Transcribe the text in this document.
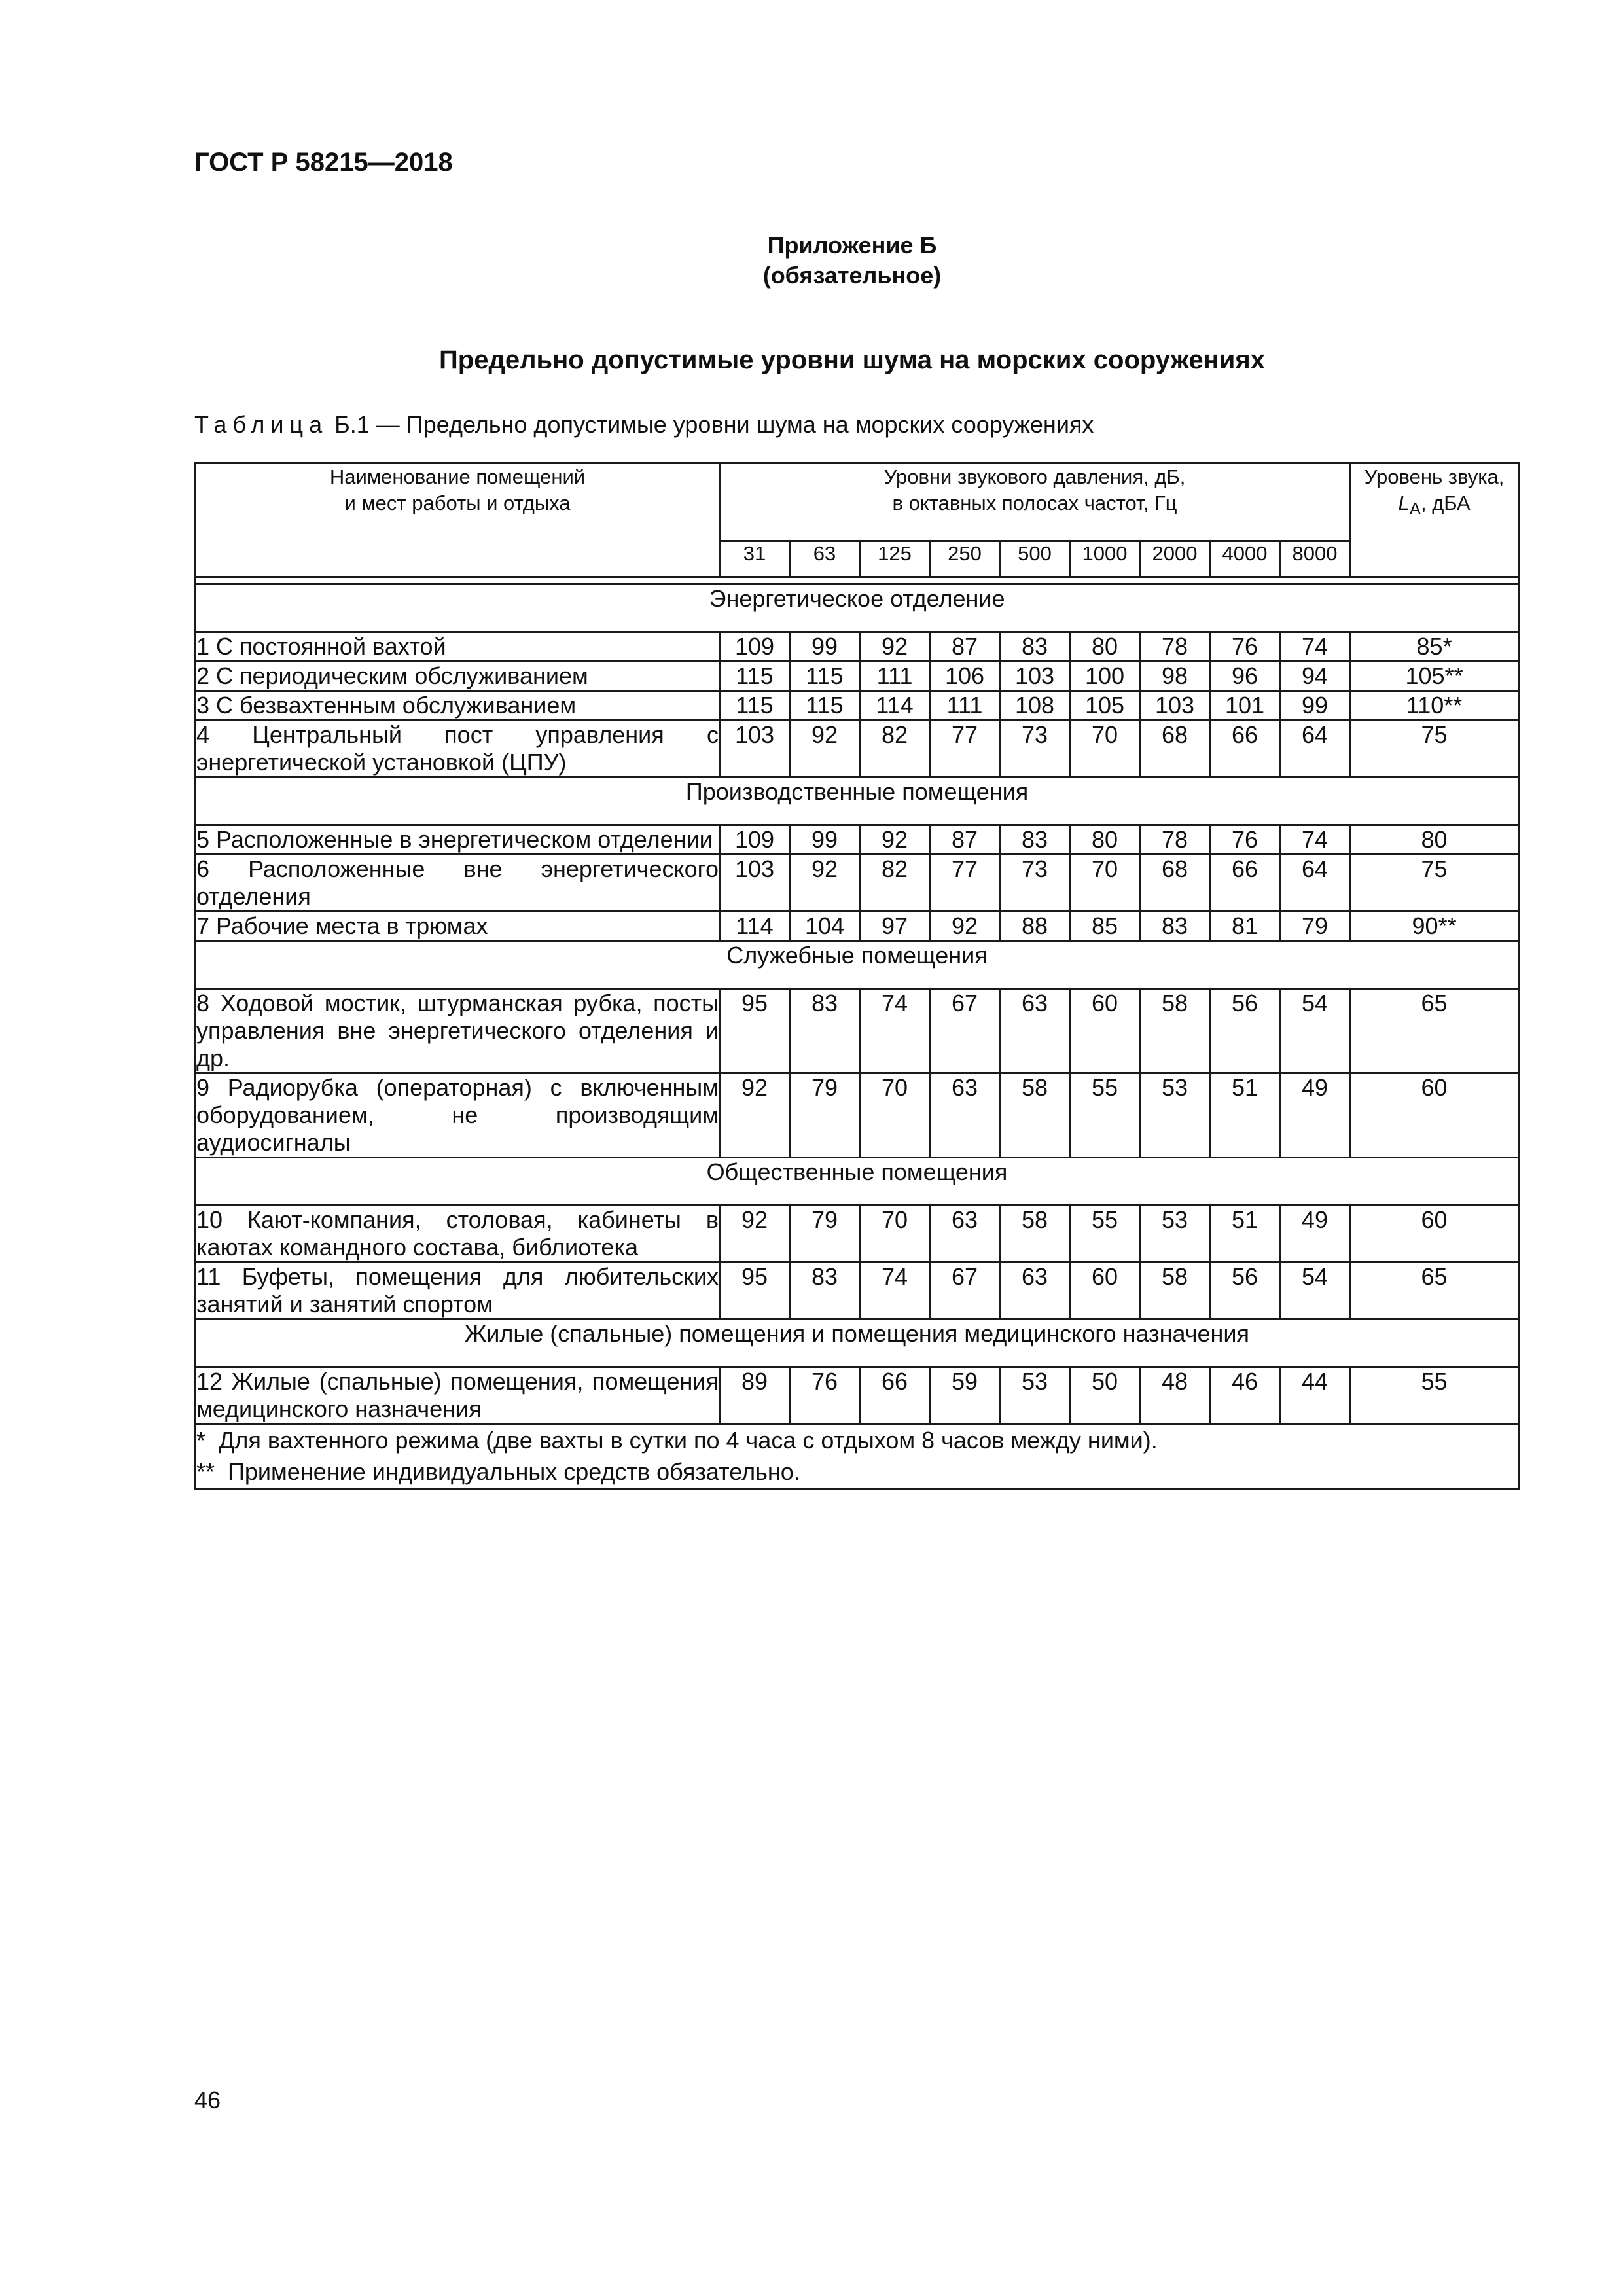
ГОСТ Р 58215—2018
Приложение Б
(обязательное)
Предельно допустимые уровни шума на морских сооружениях
Таблица Б.1 — Предельно допустимые уровни шума на морских сооружениях
Наименование помещений
и мест работы и отдыха	Уровни звукового давления, дБ,
в октавных полосах частот, Гц									Уровень звука,
$L_A$, дБА
	31	63	125	250	500	1000	2000	4000	8000	

Энергетическое отделение										
1 С постоянной вахтой	109	99	92	87	83	80	78	76	74	85*
2 С периодическим обслуживанием	115	115	111	106	103	100	98	96	94	105**
3 С безвахтенным обслуживанием	115	115	114	111	108	105	103	101	99	110**
4 Центральный пост управления с энергетической установкой (ЦПУ)	103	92	82	77	73	70	68	66	64	75
Производственные помещения										
5 Расположенные в энергетическом отделении	109	99	92	87	83	80	78	76	74	80
6 Расположенные вне энергетического отделения	103	92	82	77	73	70	68	66	64	75
7 Рабочие места в трюмах	114	104	97	92	88	85	83	81	79	90**
Служебные помещения										
8 Ходовой мостик, штурманская рубка, посты управления вне энергетического отделения и др.	95	83	74	67	63	60	58	56	54	65
9 Радиорубка (операторная) с включенным оборудованием, не производящим аудиосигналы	92	79	70	63	58	55	53	51	49	60
Общественные помещения										
10 Кают-компания, столовая, кабинеты в каютах командного состава, библиотека	92	79	70	63	58	55	53	51	49	60
11 Буфеты, помещения для любительских занятий и занятий спортом	95	83	74	67	63	60	58	56	54	65
Жилые (спальные) помещения и помещения медицинского назначения										
12 Жилые (спальные) помещения, помещения медицинского назначения	89	76	66	59	53	50	48	46	44	55

*  Для вахтенного режима (две вахты в сутки по 4 часа с отдыхом 8 часов между ними).
**  Применение индивидуальных средств обязательно.										
46
